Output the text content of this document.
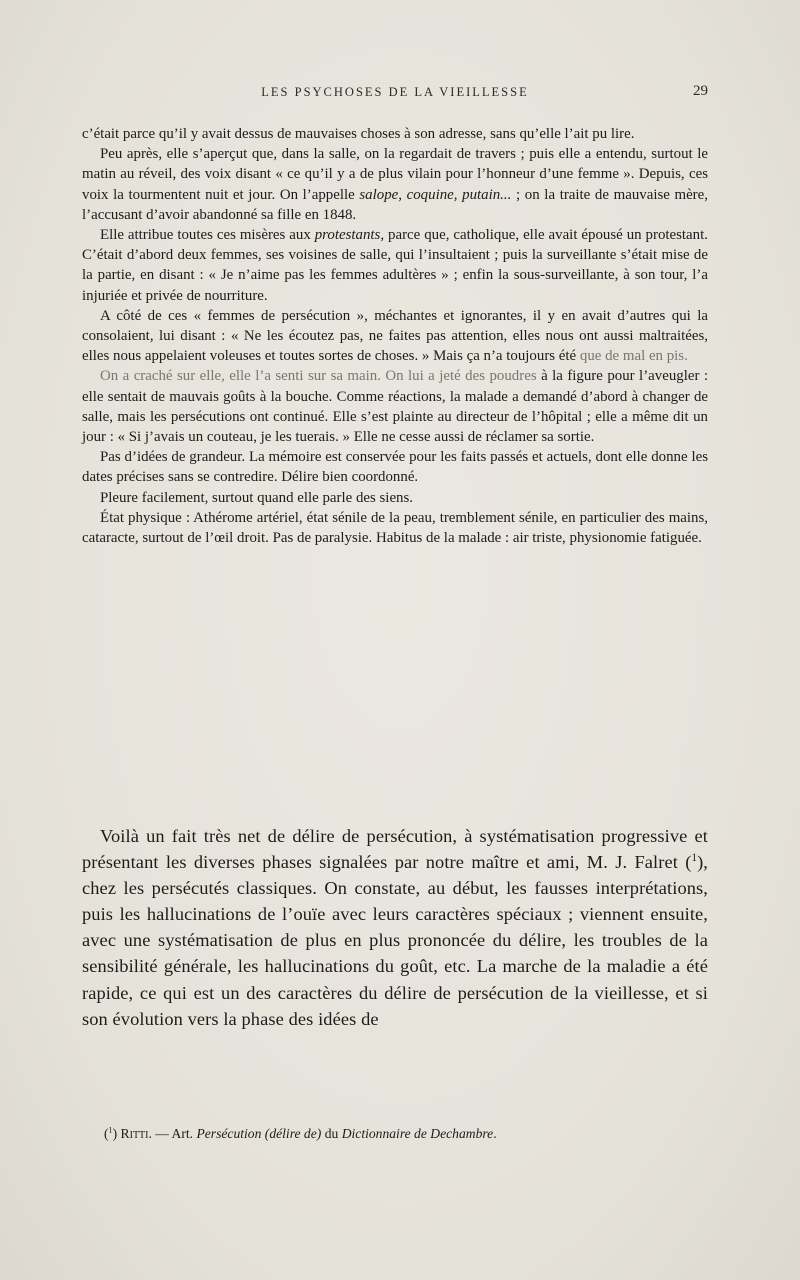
LES PSYCHOSES DE LA VIEILLESSE	29

c’était parce qu’il y avait dessus de mauvaises choses à son adresse, sans qu’elle l’ait pu lire.

Peu après, elle s’aperçut que, dans la salle, on la regardait de travers ; puis elle a entendu, surtout le matin au réveil, des voix disant « ce qu’il y a de plus vilain pour l’honneur d’une femme ». Depuis, ces voix la tourmentent nuit et jour. On l’appelle salope, coquine, putain... ; on la traite de mauvaise mère, l’accusant d’avoir abandonné sa fille en 1848.

Elle attribue toutes ces misères aux protestants, parce que, catholique, elle avait épousé un protestant. C’était d’abord deux femmes, ses voisines de salle, qui l’insultaient ; puis la surveillante s’était mise de la partie, en disant : « Je n’aime pas les femmes adultères » ; enfin la sous-surveillante, à son tour, l’a injuriée et privée de nourriture.

A côté de ces « femmes de persécution », méchantes et ignorantes, il y en avait d’autres qui la consolaient, lui disant : « Ne les écoutez pas, ne faites pas attention, elles nous ont aussi maltraitées, elles nous appelaient voleuses et toutes sortes de choses. » Mais ça n’a toujours été que de mal en pis.

On a craché sur elle, elle l’a senti sur sa main. On lui a jeté des poudres à la figure pour l’aveugler : elle sentait de mauvais goûts à la bouche. Comme réactions, la malade a demandé d’abord à changer de salle, mais les persécutions ont continué. Elle s’est plainte au directeur de l’hôpital ; elle a même dit un jour : « Si j’avais un couteau, je les tuerais. » Elle ne cesse aussi de réclamer sa sortie.

Pas d’idées de grandeur. La mémoire est conservée pour les faits passés et actuels, dont elle donne les dates précises sans se contredire. Délire bien coordonné.

Pleure facilement, surtout quand elle parle des siens.

État physique : Athérome artériel, état sénile de la peau, tremblement sénile, en particulier des mains, cataracte, surtout de l’œil droit. Pas de paralysie. Habitus de la malade : air triste, physionomie fatiguée.

Voilà un fait très net de délire de persécution, à systématisation progressive et présentant les diverses phases signalées par notre maître et ami, M. J. Falret ($^1$), chez les persécutés classiques. On constate, au début, les fausses interprétations, puis les hallucinations de l’ouïe avec leurs caractères spéciaux ; viennent ensuite, avec une systématisation de plus en plus prononcée du délire, les troubles de la sensibilité générale, les hallucinations du goût, etc. La marche de la maladie a été rapide, ce qui est un des caractères du délire de persécution de la vieillesse, et si son évolution vers la phase des idées de

($^1$) Ritti. — Art. Persécution (délire de) du Dictionnaire de Dechambre.
